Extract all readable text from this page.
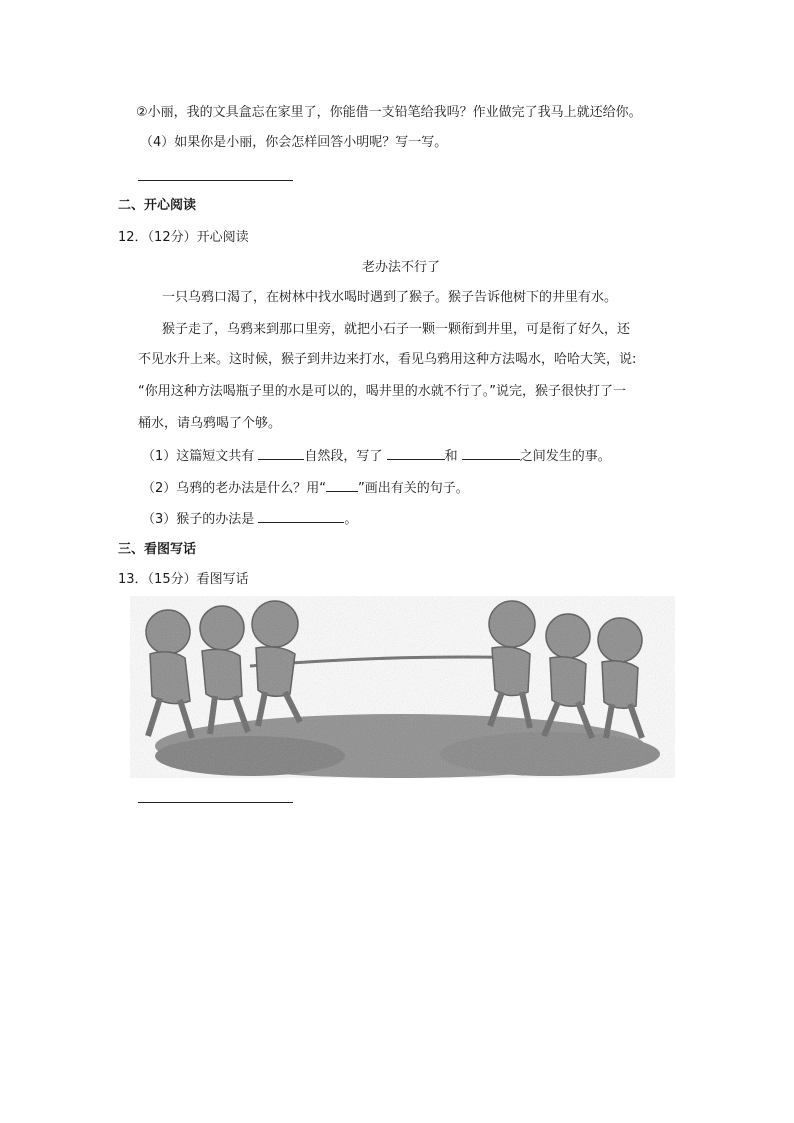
②小丽，我的文具盒忘在家里了，你能借一支铅笔给我吗？作业做完了我马上就还给你。
（4）如果你是小丽，你会怎样回答小明呢？写一写。
二、开心阅读
12．（12分）开心阅读
老办法不行了
一只乌鸦口渴了，在树林中找水喝时遇到了猴子。猴子告诉他树下的井里有水。
猴子走了，乌鸦来到那口里旁，就把小石子一颗一颗衔到井里，可是衔了好久，还
不见水升上来。这时候，猴子到井边来打水，看见乌鸦用这种方法喝水，哈哈大笑，说:
“你用这种方法喝瓶子里的水是可以的，喝井里的水就不行了。”说完，猴子很快打了一
桶水，请乌鸦喝了个够。
（1）这篇短文共有	自然段，写了	和	之间发生的事。
（2）乌鸦的老办法是什么？用“ ”画出有关的句子。
（3）猴子的办法是	。
三、看图写话
13．（15分）看图写话
